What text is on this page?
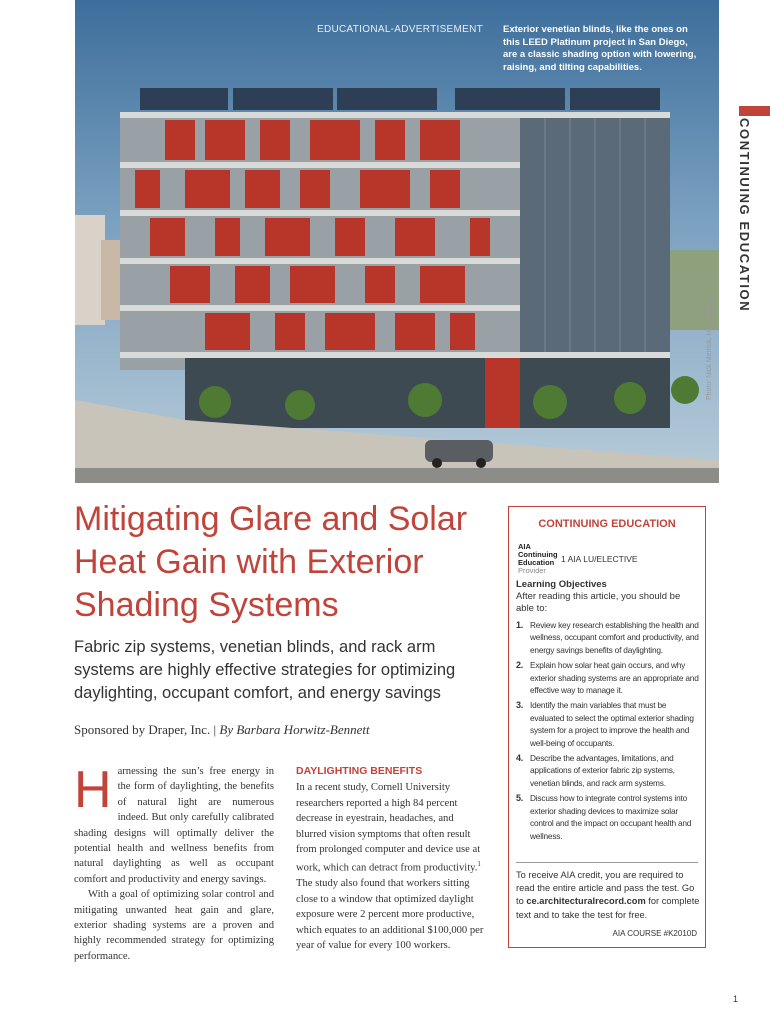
EDUCATIONAL-ADVERTISEMENT Exterior venetian blinds, like the ones on this LEED Platinum project in San Diego, are a classic shading option with lowering, raising, and tilting capabilities.
Photo: Nick Merrick, Hall + Merrick
CONTINUING EDUCATION
Mitigating Glare and Solar Heat Gain with Exterior Shading Systems

Fabric zip systems, venetian blinds, and rack arm systems are highly effective strategies for optimizing daylighting, occupant comfort, and energy savings

Sponsored by Draper, Inc. | By Barbara Horwitz-Bennett
H arnessing the sun’s free energy in the form of daylighting, the benefits of natural light are numerous indeed. But only carefully calibrated shading designs will optimally deliver the potential health and wellness benefits from natural daylighting as well as occupant comfort and productivity and energy savings.

With a goal of optimizing solar control and mitigating unwanted heat gain and glare, exterior shading systems are a proven and highly recommended strategy for optimizing performance.

DAYLIGHTING BENEFITS

In a recent study, Cornell University researchers reported a high 84 percent decrease in eyestrain, headaches, and blurred vision symptoms that often result from prolonged computer and device use at work, which can detract from productivity.$^1$ The study also found that workers sitting close to a window that optimized daylight exposure were 2 percent more productive, which equates to an additional $100,000 per year of value for every 100 workers.

CONTINUING EDUCATION
AIA
Continuing
Education
Provider
1 AIA LU/ELECTIVE
Learning Objectives
After reading this article, you should be able to:
1. Review key research establishing the health and wellness, occupant comfort and productivity, and energy savings benefits of daylighting.
2. Explain how solar heat gain occurs, and why exterior shading systems are an appropriate and effective way to manage it.
3. Identify the main variables that must be evaluated to select the optimal exterior shading system for a project to improve the health and well-being of occupants.
4. Describe the advantages, limitations, and applications of exterior fabric zip systems, venetian blinds, and rack arm systems.
5. Discuss how to integrate control systems into exterior shading devices to maximize solar control and the impact on occupant health and wellness.
To receive AIA credit, you are required to read the entire article and pass the test. Go to ce.architecturalrecord.com for complete text and to take the test for free.
AIA COURSE #K2010D
1
